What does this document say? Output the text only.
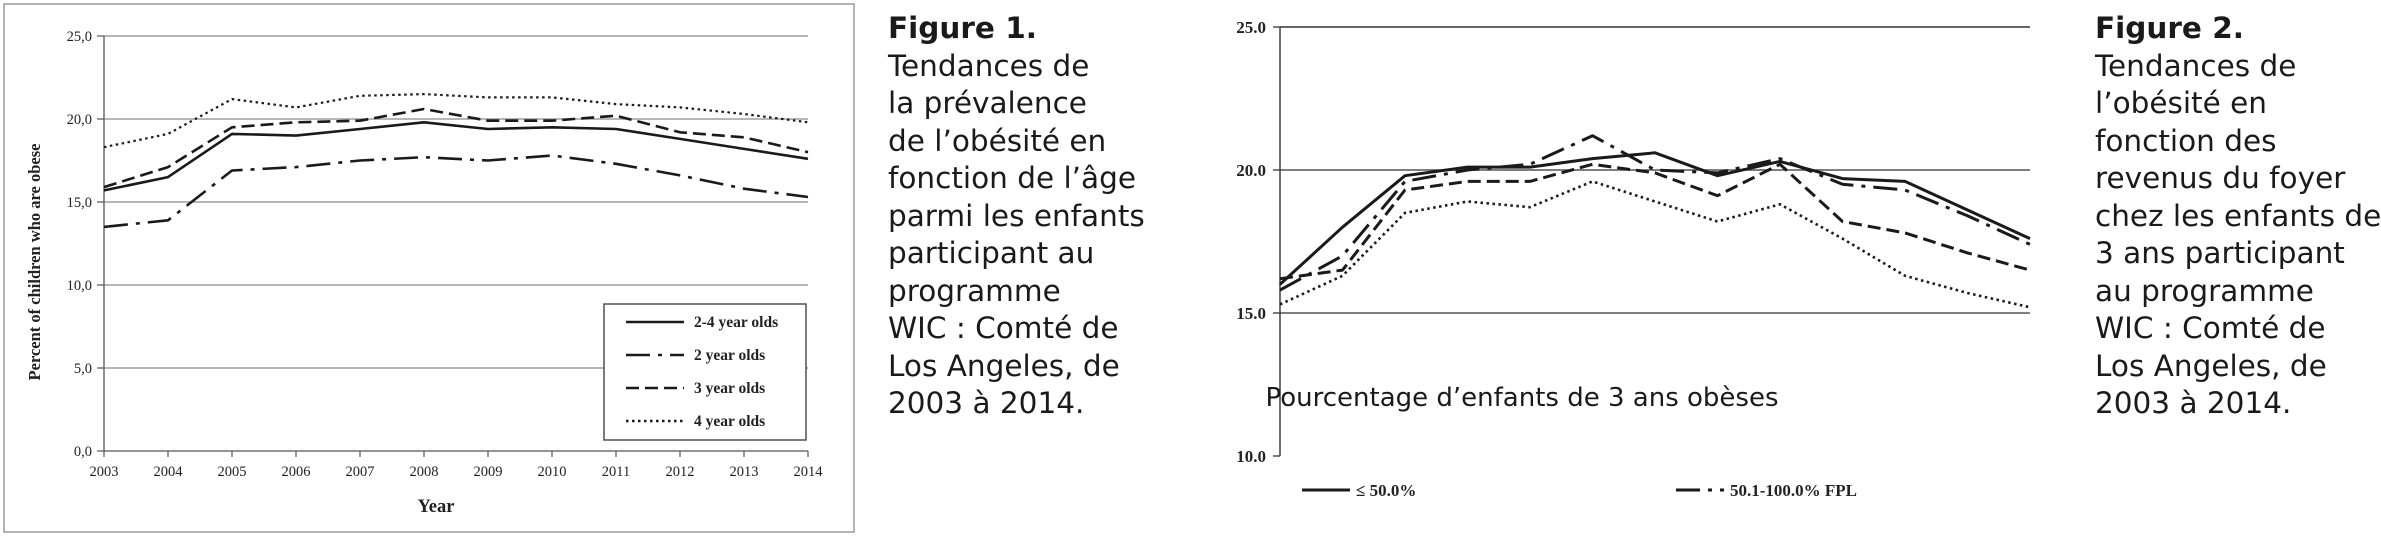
0,0
5,0
10,0
15,0
20,0
25,0
2003 2004 2005 2006 2007 2008 2009 2010 2011 2012 2013 2014
Percent of children who are obese
Year
2-4 year olds
2 year olds
3 year olds
4 year olds
Figure 1.
Tendances de
la prévalence
de l’obésité en
fonction de l’âge
parmi les enfants
participant au
programme
WIC : Comté de
Los Angeles, de
2003 à 2014.
10.0
15.0
20.0
25.0
Pourcentage d’enfants de 3 ans obèses
≤ 50.0%	50.1-100.0% FPL
Figure 2.
Tendances de
l’obésité en
fonction des
revenus du foyer
chez les enfants de
3 ans participant
au programme
WIC : Comté de
Los Angeles, de
2003 à 2014.
